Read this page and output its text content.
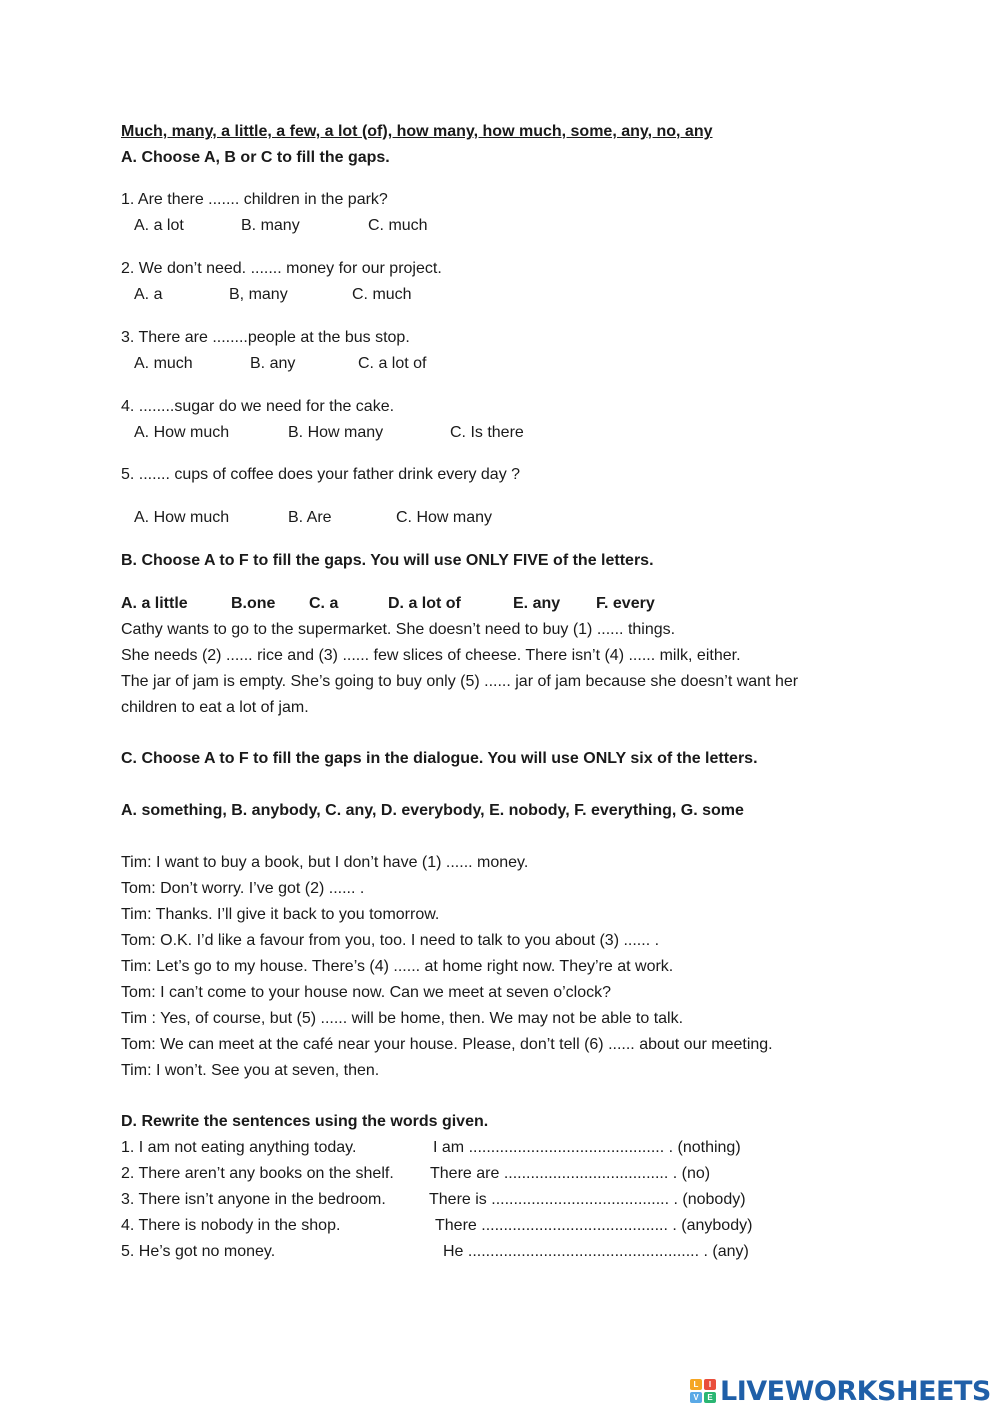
Much, many, a little, a few, a lot (of), how many, how much, some, any, no, any
A. Choose A, B or C to fill the gaps.
1. Are there ....... children in the park?
A. a lot	B. many	C. much
2. We don’t need. ....... money for our project.
A. a	B, many	C. much
3. There are ........people at the bus stop.
A. much	B. any	C. a lot of
4. ........sugar do we need for the cake.
A. How much	B. How many	C. Is there
5. ....... cups of coffee does your father drink every day ?
A. How much	B. Are	C. How many
B. Choose A to F to fill the gaps. You will use ONLY FIVE of the letters.
A. a little	B.one C. a	D. a lot of	E. any F. every
Cathy wants to go to the supermarket. She doesn’t need to buy (1) ...... things.
She needs (2) ...... rice and (3) ...... few slices of cheese. There isn’t (4) ...... milk, either.
The jar of jam is empty. She’s going to buy only (5) ...... jar of jam because she doesn’t want her
children to eat a lot of jam.
C. Choose A to F to fill the gaps in the dialogue. You will use ONLY six of the letters.
A. something, B. anybody, C. any, D. everybody, E. nobody, F. everything, G. some
Tim: I want to buy a book, but I don’t have (1) ...... money.
Tom: Don’t worry. I’ve got (2) ...... .
Tim: Thanks. I’ll give it back to you tomorrow.
Tom: O.K. I’d like a favour from you, too. I need to talk to you about (3) ...... .
Tim: Let’s go to my house. There’s (4) ...... at home right now. They’re at work.
Tom: I can’t come to your house now. Can we meet at seven o’clock?
Tim : Yes, of course, but (5) ...... will be home, then. We may not be able to talk.
Tom: We can meet at the café near your house. Please, don’t tell (6) ...... about our meeting.
Tim: I won’t. See you at seven, then.
D. Rewrite the sentences using the words given.
1. I am not eating anything today.	I am ............................................ . (nothing)
2. There aren’t any books on the shelf. There are ..................................... . (no)
3. There isn’t anyone in the bedroom.	There is ........................................ . (nobody)
4. There is nobody in the shop.	There .......................................... . (anybody)
5. He’s got no money.	He .................................................... . (any)
L	I
V	E LIVEWORKSHEETS
